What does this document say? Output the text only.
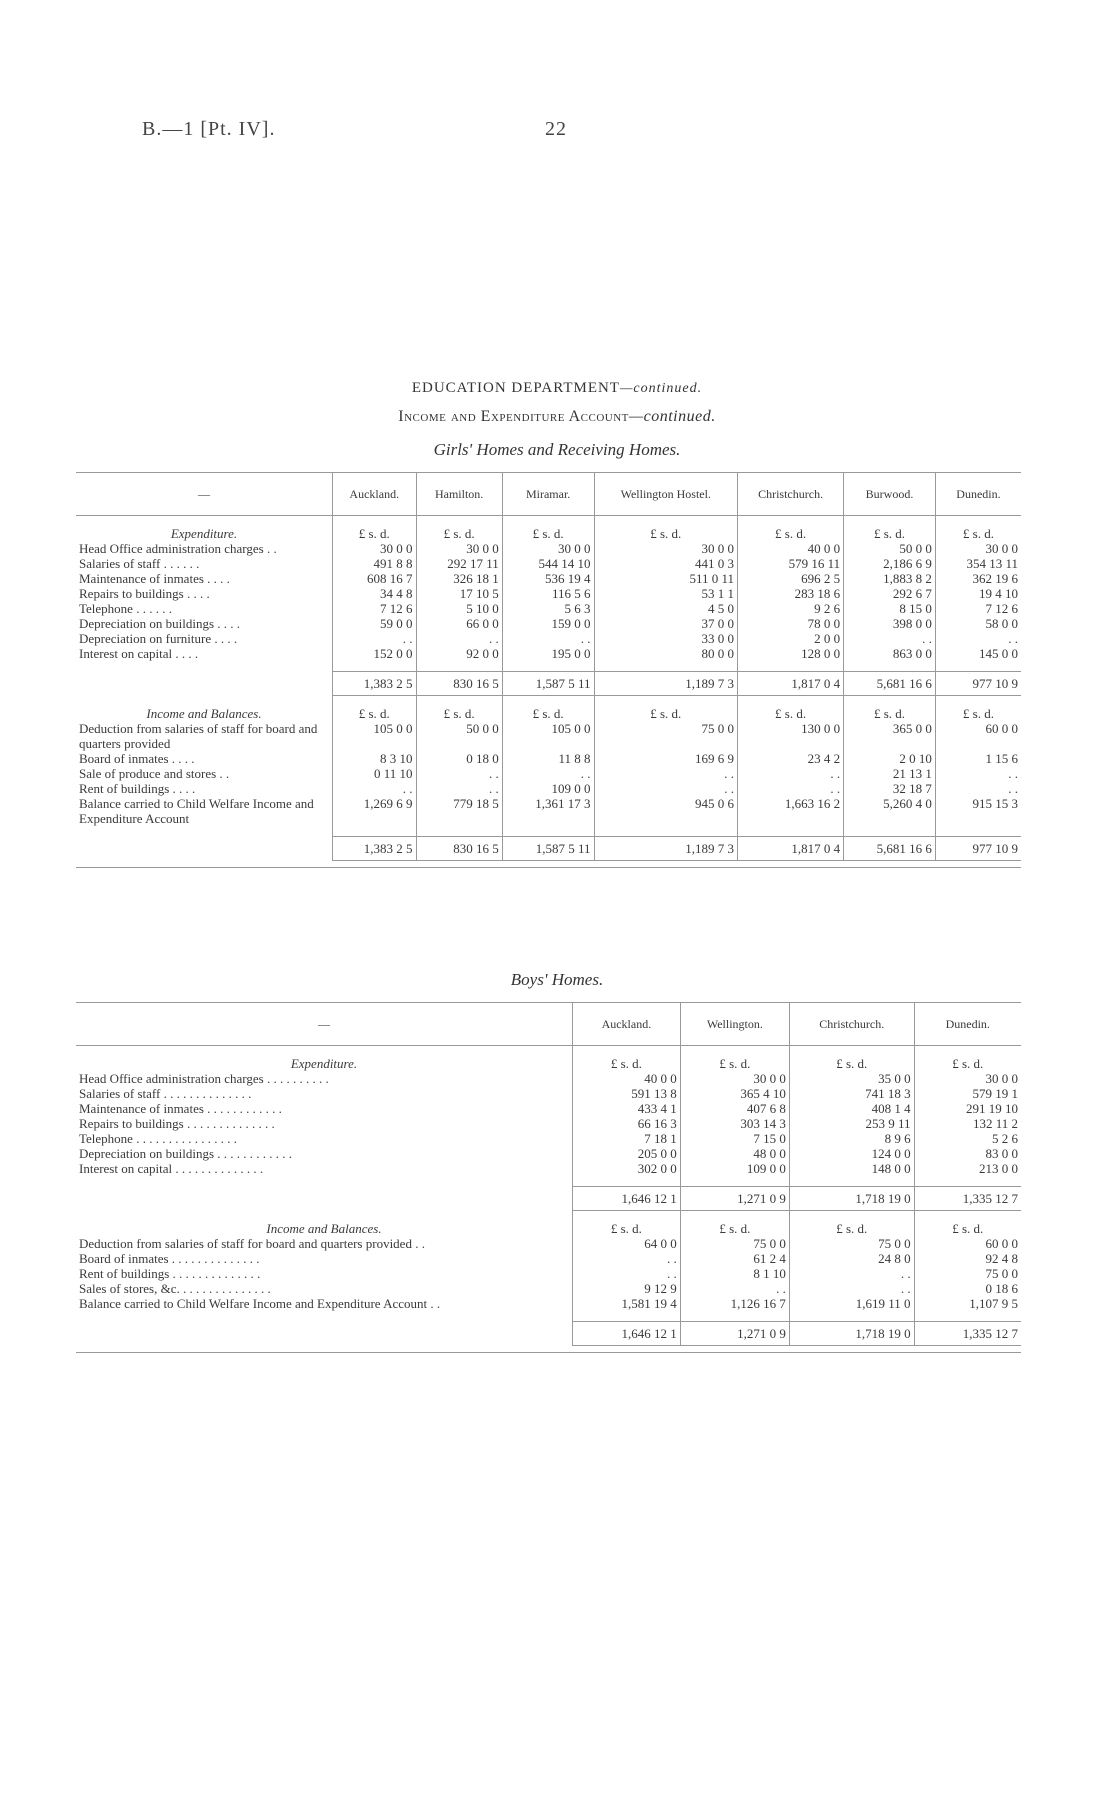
B.—1 [Pt. IV].	22
EDUCATION DEPARTMENT—continued.
Income and Expenditure Account—continued.
Girls' Homes and Receiving Homes.
—	Auckland.	Hamilton.	Miramar.	Wellington Hostel.	Christchurch.	Burwood.	Dunedin.
Expenditure.	£ s. d.	£ s. d.	£ s. d.	£ s. d.	£ s. d.	£ s. d.	£ s. d.
Head Office administration charges . .	30 0 0	30 0 0	30 0 0	30 0 0	40 0 0	50 0 0	30 0 0
Salaries of staff . . . . . .	491 8 8	292 17 11	544 14 10	441 0 3	579 16 11	2,186 6 9	354 13 11
Maintenance of inmates . . . .	608 16 7	326 18 1	536 19 4	511 0 11	696 2 5	1,883 8 2	362 19 6
Repairs to buildings . . . .	34 4 8	17 10 5	116 5 6	53 1 1	283 18 6	292 6 7	19 4 10
Telephone . . . . . .	7 12 6	5 10 0	5 6 3	4 5 0	9 2 6	8 15 0	7 12 6
Depreciation on buildings . . . .	59 0 0	66 0 0	159 0 0	37 0 0	78 0 0	398 0 0	58 0 0
Depreciation on furniture . . . .	. .	. .	. .	33 0 0	2 0 0	. .	. .
Interest on capital . . . .	152 0 0	92 0 0	195 0 0	80 0 0	128 0 0	863 0 0	145 0 0

	1,383 2 5	830 16 5	1,587 5 11	1,189 7 3	1,817 0 4	5,681 16 6	977 10 9
Income and Balances.	£ s. d.	£ s. d.	£ s. d.	£ s. d.	£ s. d.	£ s. d.	£ s. d.
Deduction from salaries of staff for board and quarters provided	105 0 0	50 0 0	105 0 0	75 0 0	130 0 0	365 0 0	60 0 0
Board of inmates . . . .	8 3 10	0 18 0	11 8 8	169 6 9	23 4 2	2 0 10	1 15 6
Sale of produce and stores . .	0 11 10	. .	. .	. .	. .	21 13 1	. .
Rent of buildings . . . .	. .	. .	109 0 0	. .	. .	32 18 7	. .
Balance carried to Child Welfare Income and Expenditure Account	1,269 6 9	779 18 5	1,361 17 3	945 0 6	1,663 16 2	5,260 4 0	915 15 3

	1,383 2 5	830 16 5	1,587 5 11	1,189 7 3	1,817 0 4	5,681 16 6	977 10 9

Boys' Homes.
—	Auckland.	Wellington.	Christchurch.	Dunedin.
Expenditure.	£ s. d.	£ s. d.	£ s. d.	£ s. d.
Head Office administration charges . . . . . . . . . .	40 0 0	30 0 0	35 0 0	30 0 0
Salaries of staff . . . . . . . . . . . . . .	591 13 8	365 4 10	741 18 3	579 19 1
Maintenance of inmates . . . . . . . . . . . .	433 4 1	407 6 8	408 1 4	291 19 10
Repairs to buildings . . . . . . . . . . . . . .	66 16 3	303 14 3	253 9 11	132 11 2
Telephone . . . . . . . . . . . . . . . .	7 18 1	7 15 0	8 9 6	5 2 6
Depreciation on buildings . . . . . . . . . . . .	205 0 0	48 0 0	124 0 0	83 0 0
Interest on capital . . . . . . . . . . . . . .	302 0 0	109 0 0	148 0 0	213 0 0

	1,646 12 1	1,271 0 9	1,718 19 0	1,335 12 7
Income and Balances.	£ s. d.	£ s. d.	£ s. d.	£ s. d.
Deduction from salaries of staff for board and quarters provided . .	64 0 0	75 0 0	75 0 0	60 0 0
Board of inmates . . . . . . . . . . . . . .	. .	61 2 4	24 8 0	92 4 8
Rent of buildings . . . . . . . . . . . . . .	. .	8 1 10	. .	75 0 0
Sales of stores, &c. . . . . . . . . . . . . . .	9 12 9	. .	. .	0 18 6
Balance carried to Child Welfare Income and Expenditure Account . .	1,581 19 4	1,126 16 7	1,619 11 0	1,107 9 5

	1,646 12 1	1,271 0 9	1,718 19 0	1,335 12 7
